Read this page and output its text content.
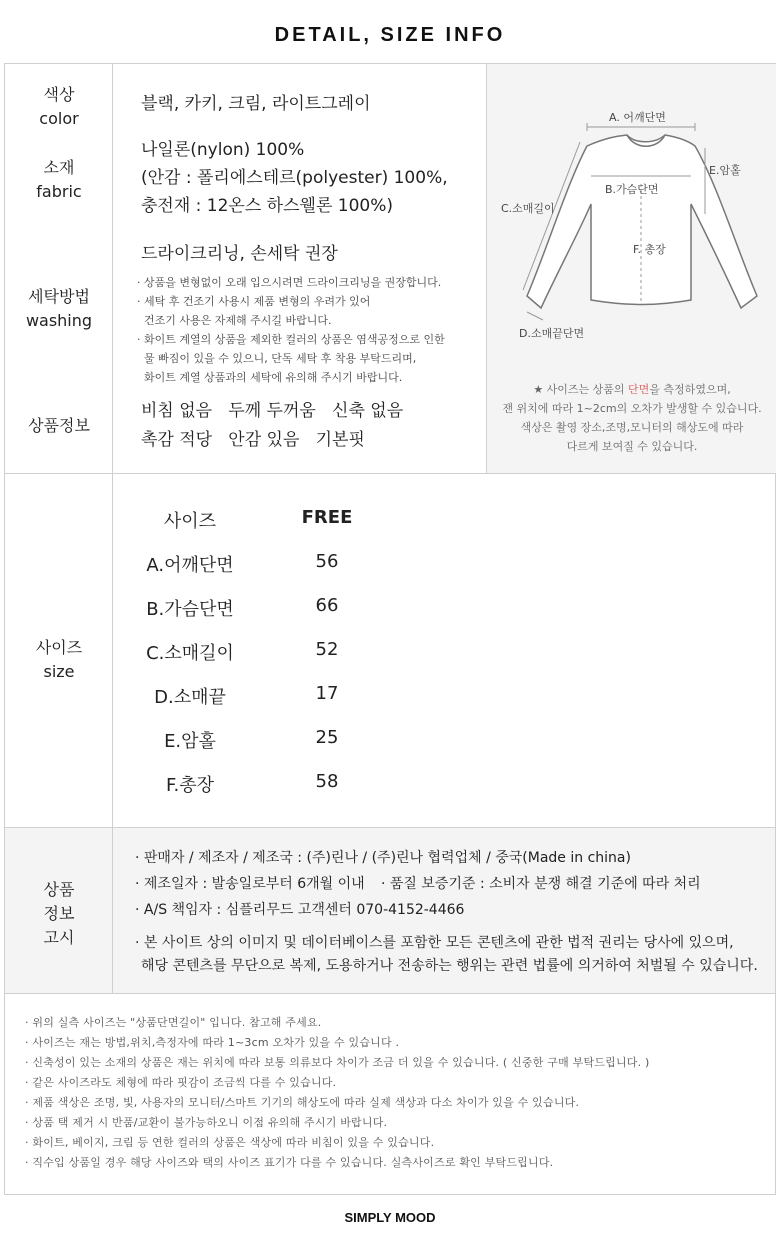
DETAIL, SIZE INFO
색상
color
블랙, 카키, 크림, 라이트그레이
소재
fabric
나일론(nylon) 100%
(안감 : 폴리에스테르(polyester) 100%,
충전재 : 12온스 하스웰론 100%)
세탁방법
washing
드라이크리닝, 손세탁 권장
· 상품을 변형없이 오래 입으시려면 드라이크리닝을 권장합니다.
· 세탁 후 건조기 사용시 제품 변형의 우려가 있어
건조기 사용은 자제해 주시길 바랍니다.
· 화이트 계열의 상품을 제외한 컬러의 상품은 염색공정으로 인한
물 빠짐이 있을 수 있으니, 단독 세탁 후 착용 부탁드리며,
화이트 계열 상품과의 세탁에 유의해 주시기 바랍니다.
상품정보
비침 없음   두께 두꺼움   신축 없음
촉감 적당   안감 있음   기본핏
A. 어깨단면
B.가슴단면
C.소매길이
E.암홀
F. 총장
D.소매끝단면
★ 사이즈는 상품의 단면을 측정하였으며,
잰 위치에 따라 1~2cm의 오차가 발생할 수 있습니다.
색상은 촬영 장소,조명,모니터의 해상도에 따라
다르게 보여질 수 있습니다.
사이즈
size
사이즈	FREE
A.어깨단면	56
B.가슴단면	66
C.소매길이	52
D.소매끝	17
E.암홀	25
F.총장	58
상품
정보
고시
· 판매자 / 제조자 / 제조국 : (주)린나 / (주)린나 협력업체 / 중국(Made in china)
· 제조일자 : 발송일로부터 6개월 이내 · 품질 보증기준 : 소비자 분쟁 해결 기준에 따라 처리
· A/S 책임자 : 심플리무드 고객센터 070-4152-4466
· 본 사이트 상의 이미지 및 데이터베이스를 포함한 모든 콘텐츠에 관한 법적 권리는 당사에 있으며,
해당 콘텐츠를 무단으로 복제, 도용하거나 전송하는 행위는 관련 법률에 의거하여 처벌될 수 있습니다.
· 위의 실측 사이즈는 "상품단면길이" 입니다. 참고해 주세요.
· 사이즈는 재는 방법,위치,측정자에 따라 1~3cm 오차가 있을 수 있습니다 .
· 신축성이 있는 소재의 상품은 재는 위치에 따라 보통 의류보다 차이가 조금 더 있을 수 있습니다. ( 신중한 구매 부탁드립니다. )
· 같은 사이즈라도 체형에 따라 핏감이 조금씩 다를 수 있습니다.
· 제품 색상은 조명, 빛, 사용자의 모니터/스마트 기기의 해상도에 따라 실제 색상과 다소 차이가 있을 수 있습니다.
· 상품 택 제거 시 반품/교환이 불가능하오니 이점 유의해 주시기 바랍니다.
· 화이트, 베이지, 크림 등 연한 컬러의 상품은 색상에 따라 비침이 있을 수 있습니다.
· 직수입 상품일 경우 해당 사이즈와 택의 사이즈 표기가 다를 수 있습니다. 실측사이즈로 확인 부탁드립니다.
SIMPLY MOOD
